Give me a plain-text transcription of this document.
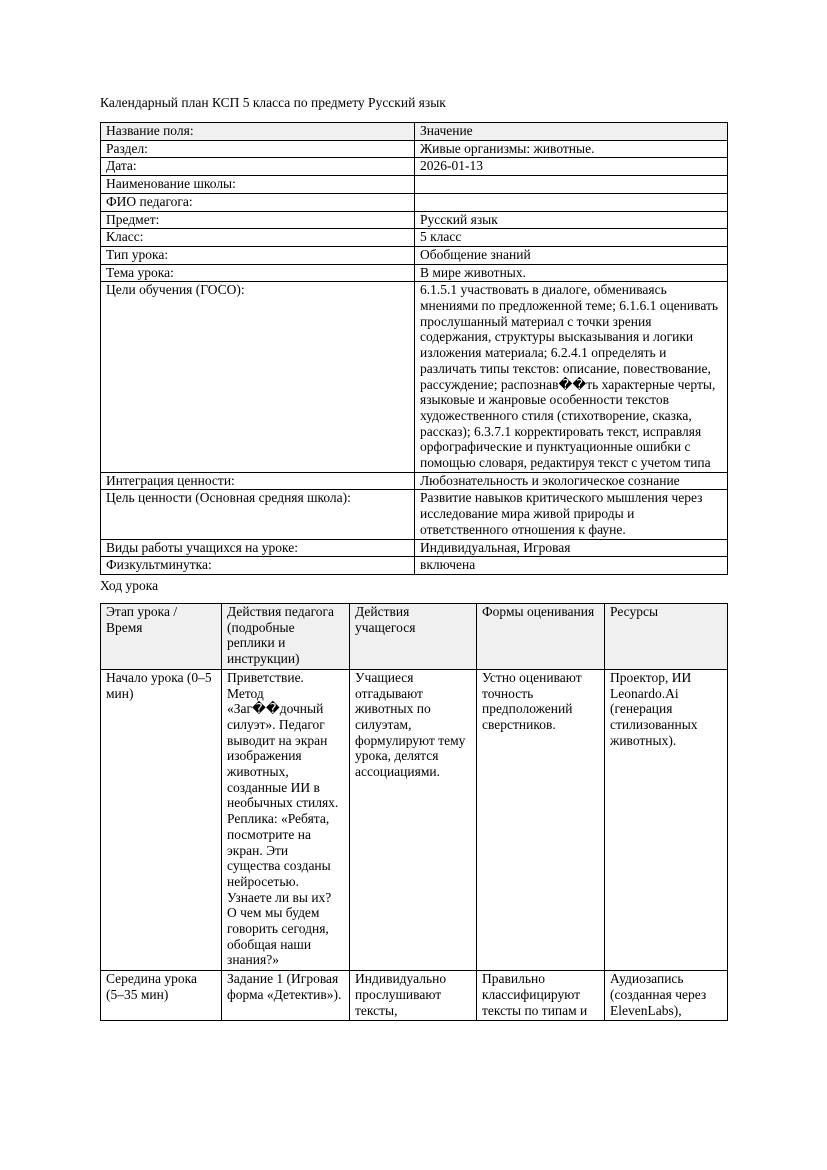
Календарный план КСП 5 класса по предмету Русский язык

Название поля:	Значение
Раздел:	Живые организмы: животные.
Дата:	2026-01-13
Наименование школы:	
ФИО педагога:	
Предмет:	Русский язык
Класс:	5 класс
Тип урока:	Обобщение знаний
Тема урока:	В мире животных.
Цели обучения (ГОСО):	6.1.5.1 участвовать в диалоге, обмениваясь мнениями по предложенной теме; 6.1.6.1 оценивать прослушанный материал с точки зрения содержания, структуры высказывания и логики изложения материала; 6.2.4.1 определять и различать типы текстов: описание, повествование, рассуждение; распознав��ть характерные черты, языковые и жанровые особенности текстов художественного стиля (стихотворение, сказка, рассказ); 6.3.7.1 корректировать текст, исправляя орфографические и пунктуационные ошибки с помощью словаря, редактируя текст с учетом типа
Интеграция ценности:	Любознательность и экологическое сознание
Цель ценности (Основная средняя школа):	Развитие навыков критического мышления через исследование мира живой природы и ответственного отношения к фауне.
Виды работы учащихся на уроке:	Индивидуальная, Игровая
Физкультминутка:	включена

Ход урока

Этап урока / Время	Действия педагога (подробные реплики и инструкции)	Действия учащегося	Формы оценивания	Ресурсы
Начало урока (0–5 мин)	Приветствие. Метод «Заг��дочный силуэт». Педагог выводит на экран изображения животных, созданные ИИ в необычных стилях. Реплика: «Ребята, посмотрите на экран. Эти существа созданы нейросетью. Узнаете ли вы их? О чем мы будем говорить сегодня, обобщая наши знания?»	Учащиеся отгадывают животных по силуэтам, формулируют тему урока, делятся ассоциациями.	Устно оценивают точность предположений сверстников.	Проектор, ИИ Leonardo.Ai (генерация стилизованных животных).
Середина урока (5–35 мин)	Задание 1 (Игровая форма «Детектив»).	Индивидуально прослушивают тексты,	Правильно классифицируют тексты по типам и	Аудиозапись (созданная через ElevenLabs),
